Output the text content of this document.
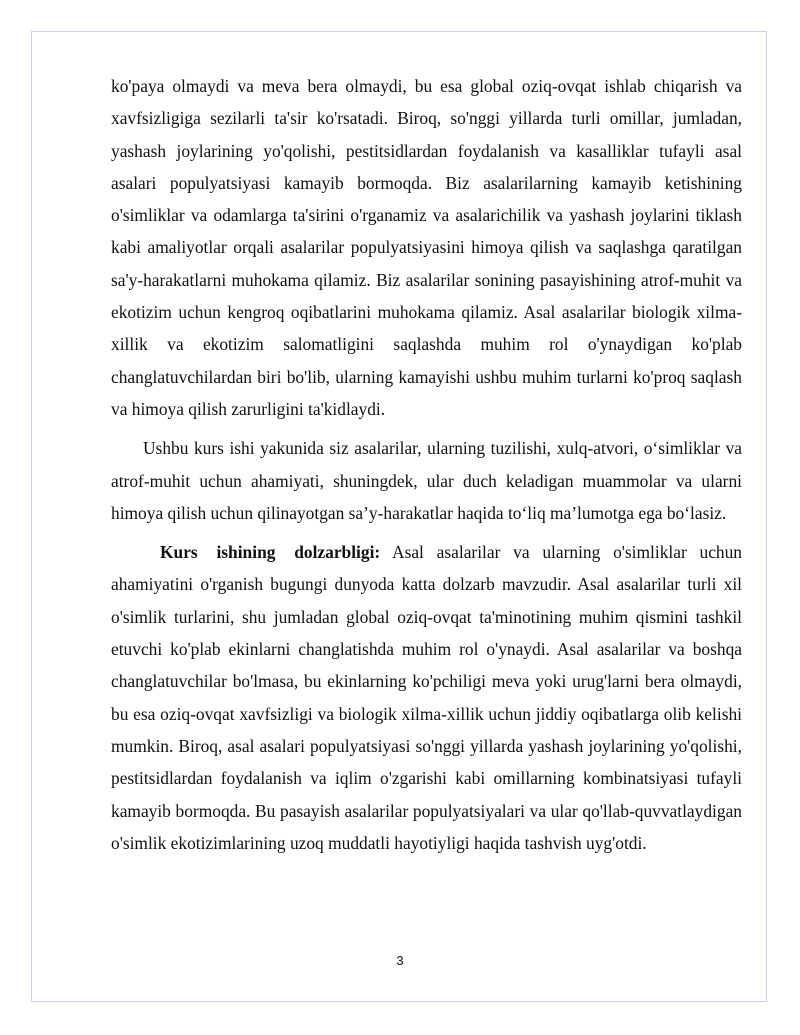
ko'paya olmaydi va meva bera olmaydi, bu esa global oziq-ovqat ishlab chiqarish va xavfsizligiga sezilarli ta'sir ko'rsatadi. Biroq, so'nggi yillarda turli omillar, jumladan, yashash joylarining yo'qolishi, pestitsidlardan foydalanish va kasalliklar tufayli asal asalari populyatsiyasi kamayib bormoqda. Biz asalarilarning kamayib ketishining o'simliklar va odamlarga ta'sirini o'rganamiz va asalarichilik va yashash joylarini tiklash kabi amaliyotlar orqali asalarilar populyatsiyasini himoya qilish va saqlashga qaratilgan sa'y-harakatlarni muhokama qilamiz. Biz asalarilar sonining pasayishining atrof-muhit va ekotizim uchun kengroq oqibatlarini muhokama qilamiz. Asal asalarilar biologik xilma-xillik va ekotizim salomatligini saqlashda muhim rol o'ynaydigan ko'plab changlatuvchilardan biri bo'lib, ularning kamayishi ushbu muhim turlarni ko'proq saqlash va himoya qilish zarurligini ta'kidlaydi.

Ushbu kurs ishi yakunida siz asalarilar, ularning tuzilishi, xulq-atvori, o‘simliklar va atrof-muhit uchun ahamiyati, shuningdek, ular duch keladigan muammolar va ularni himoya qilish uchun qilinayotgan sa’y-harakatlar haqida to‘liq ma’lumotga ega bo‘lasiz.

Kurs ishining dolzarbligi: Asal asalarilar va ularning o'simliklar uchun ahamiyatini o'rganish bugungi dunyoda katta dolzarb mavzudir. Asal asalarilar turli xil o'simlik turlarini, shu jumladan global oziq-ovqat ta'minotining muhim qismini tashkil etuvchi ko'plab ekinlarni changlatishda muhim rol o'ynaydi. Asal asalarilar va boshqa changlatuvchilar bo'lmasa, bu ekinlarning ko'pchiligi meva yoki urug'larni bera olmaydi, bu esa oziq-ovqat xavfsizligi va biologik xilma-xillik uchun jiddiy oqibatlarga olib kelishi mumkin. Biroq, asal asalari populyatsiyasi so'nggi yillarda yashash joylarining yo'qolishi, pestitsidlardan foydalanish va iqlim o'zgarishi kabi omillarning kombinatsiyasi tufayli kamayib bormoqda. Bu pasayish asalarilar populyatsiyalari va ular qo'llab-quvvatlaydigan o'simlik ekotizimlarining uzoq muddatli hayotiyligi haqida tashvish uyg'otdi.

3
